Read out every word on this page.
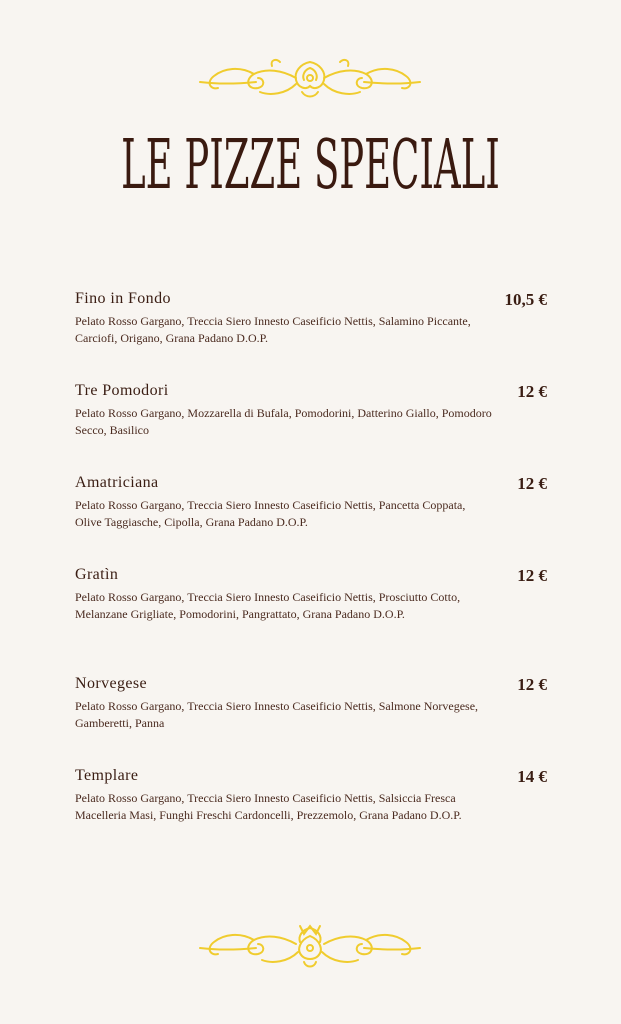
LE PIZZE SPECIALI
Fino in Fondo	10,5 €
Pelato Rosso Gargano, Treccia Siero Innesto Caseificio Nettis, Salamino Piccante, Carciofi, Origano, Grana Padano D.O.P.
Tre Pomodori	12 €
Pelato Rosso Gargano, Mozzarella di Bufala, Pomodorini, Datterino Giallo, Pomodoro Secco, Basilico
Amatriciana	12 €
Pelato Rosso Gargano, Treccia Siero Innesto Caseificio Nettis, Pancetta Coppata, Olive Taggiasche, Cipolla, Grana Padano D.O.P.
Gratìn	12 €
Pelato Rosso Gargano, Treccia Siero Innesto Caseificio Nettis, Prosciutto Cotto, Melanzane Grigliate, Pomodorini, Pangrattato, Grana Padano D.O.P.
Norvegese	12 €
Pelato Rosso Gargano, Treccia Siero Innesto Caseificio Nettis, Salmone Norvegese, Gamberetti, Panna
Templare	14 €
Pelato Rosso Gargano, Treccia Siero Innesto Caseificio Nettis, Salsiccia Fresca Macelleria Masi, Funghi Freschi Cardoncelli, Prezzemolo, Grana Padano D.O.P.
